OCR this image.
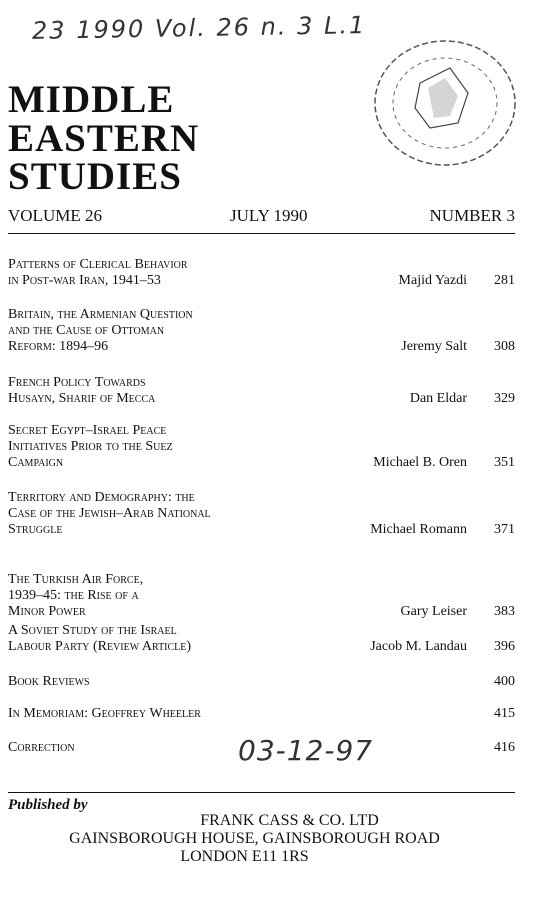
23 1990 Vol. 26 n. 3 L.1
MIDDLE
EASTERN
STUDIES
VOLUME 26	JULY 1990	NUMBER 3
Patterns of Clerical Behavior
in Post-war Iran, 1941–53	Majid Yazdi 281
Britain, the Armenian Question
and the Cause of Ottoman
Reform: 1894–96	Jeremy Salt 308
French Policy Towards
Husayn, Sharif of Mecca	Dan Eldar 329
Secret Egypt–Israel Peace
Initiatives Prior to the Suez
Campaign	Michael B. Oren 351
Territory and Demography: the
Case of the Jewish–Arab National
Struggle	Michael Romann 371
The Turkish Air Force,
1939–45: the Rise of a
Minor Power	Gary Leiser 383
A Soviet Study of the Israel
Labour Party (Review Article)	Jacob M. Landau 396
Book Reviews	400
In Memoriam: Geoffrey Wheeler	415
Correction	416
03-12-97
Published by
FRANK CASS & CO. LTD
GAINSBOROUGH HOUSE, GAINSBOROUGH ROAD
LONDON E11 1RS
